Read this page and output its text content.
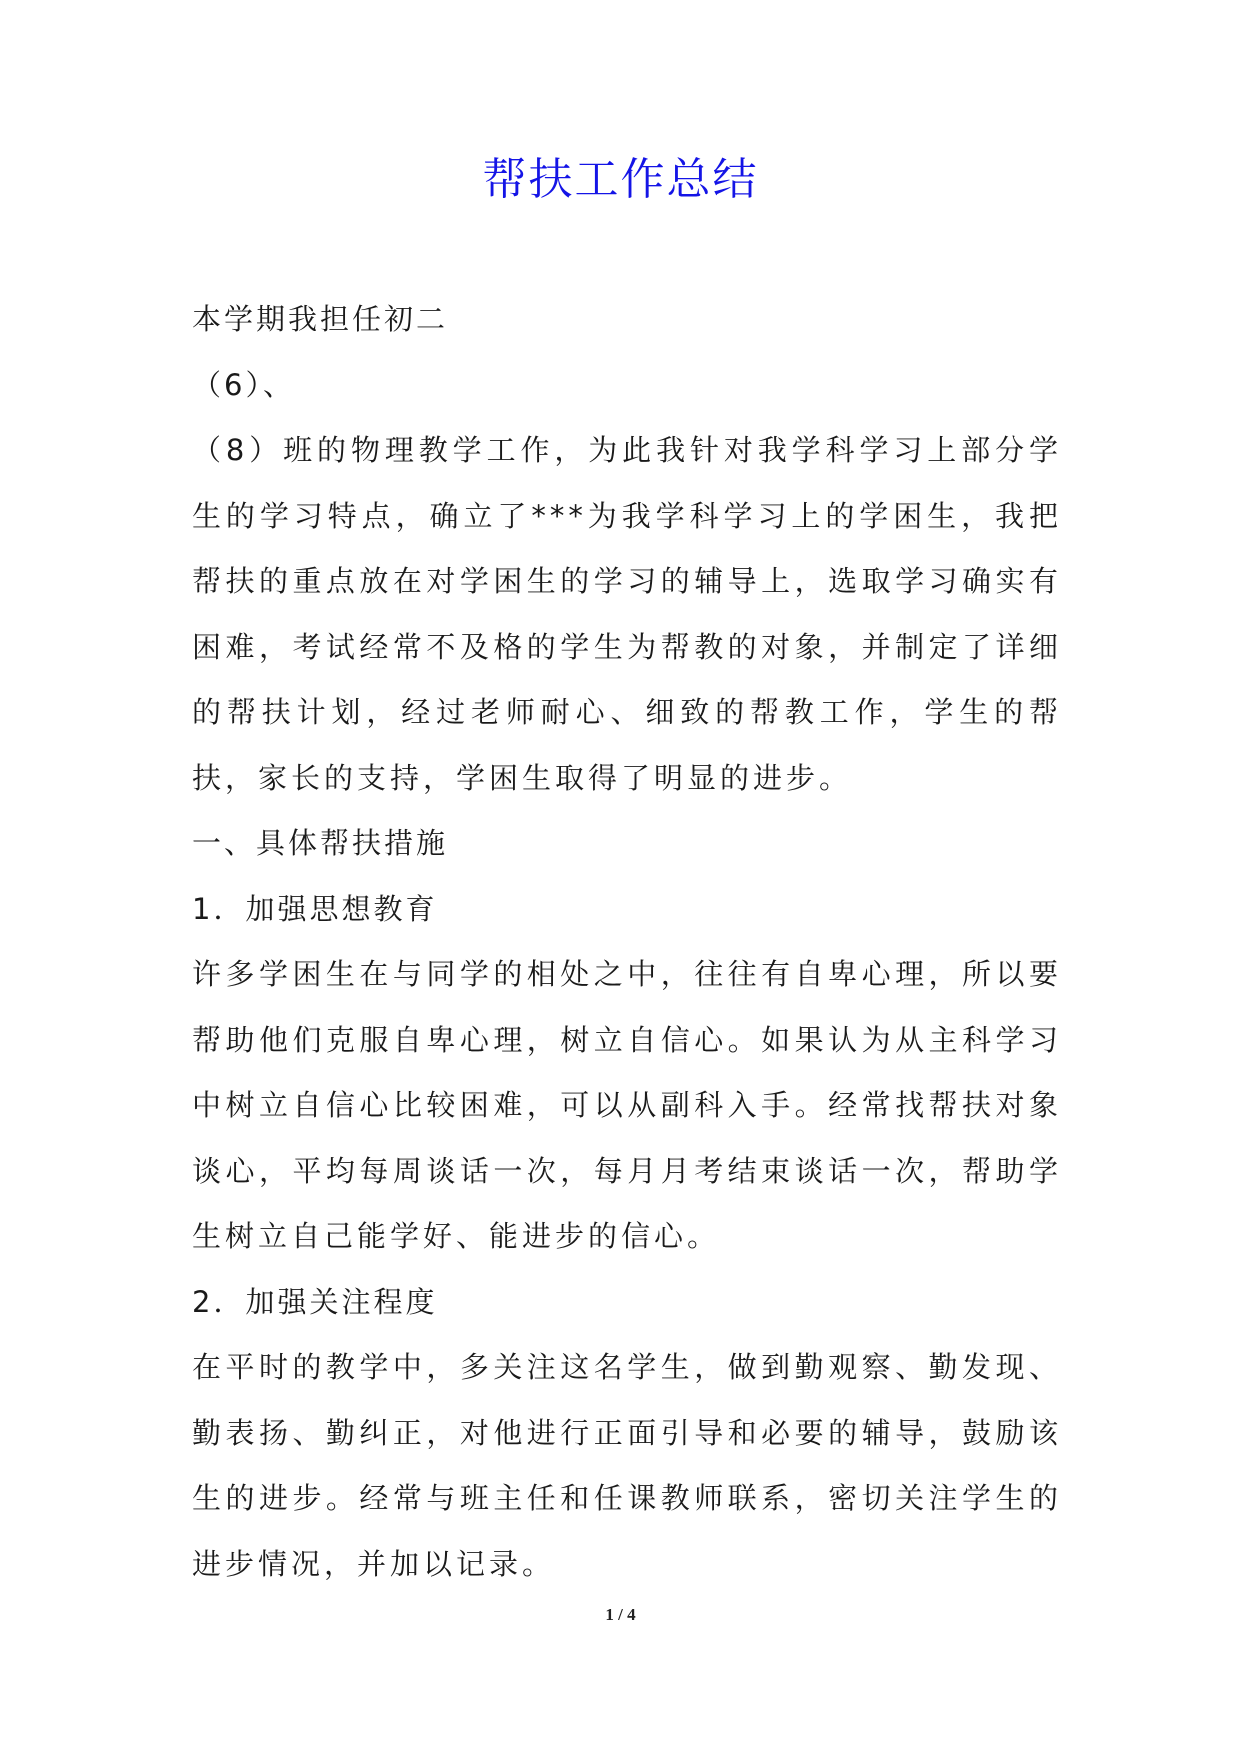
帮扶工作总结

本学期我担任初二

（6）、

（8）班的物理教学工作，为此我针对我学科学习上部分学生的学习特点，确立了***为我学科学习上的学困生，我把帮扶的重点放在对学困生的学习的辅导上，选取学习确实有困难，考试经常不及格的学生为帮教的对象，并制定了详细的帮扶计划，经过老师耐心、细致的帮教工作，学生的帮扶，家长的支持，学困生取得了明显的进步。

一、具体帮扶措施

1．加强思想教育

许多学困生在与同学的相处之中，往往有自卑心理，所以要帮助他们克服自卑心理，树立自信心。如果认为从主科学习中树立自信心比较困难，可以从副科入手。经常找帮扶对象谈心，平均每周谈话一次，每月月考结束谈话一次，帮助学生树立自己能学好、能进步的信心。

2．加强关注程度

在平时的教学中，多关注这名学生，做到勤观察、勤发现、勤表扬、勤纠正，对他进行正面引导和必要的辅导，鼓励该生的进步。经常与班主任和任课教师联系，密切关注学生的进步情况，并加以记录。

1 / 4
